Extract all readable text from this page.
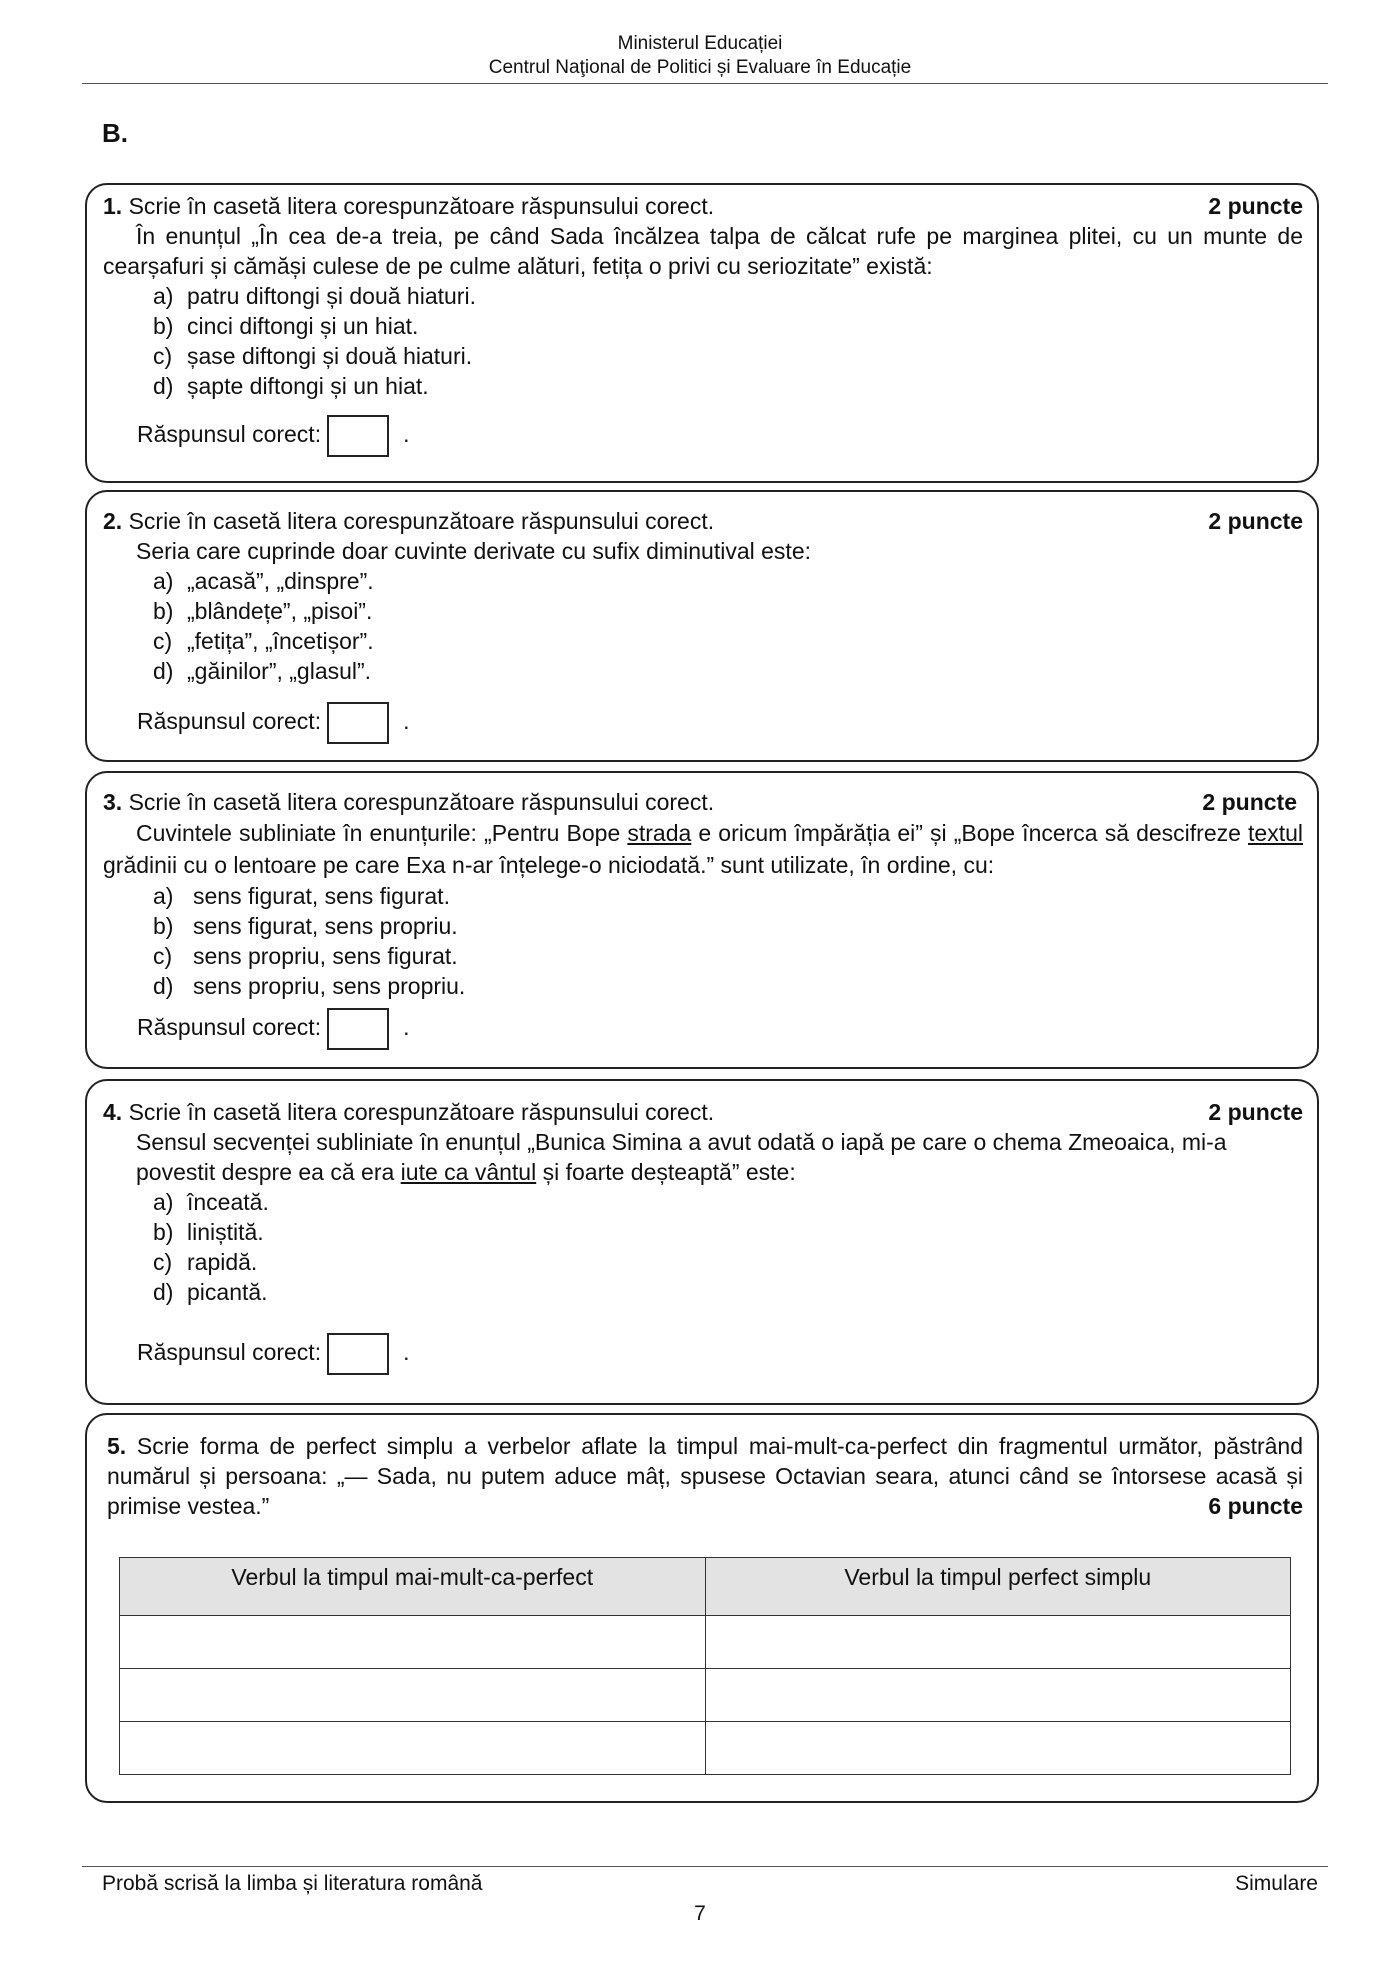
Ministerul Educației
Centrul Naţional de Politici și Evaluare în Educație
B.
1. Scrie în casetă litera corespunzătoare răspunsului corect.	2 puncte
În enunțul „În cea de-a treia, pe când Sada încălzea talpa de călcat rufe pe marginea plitei, cu un munte de cearșafuri și cămăși culese de pe culme alături, fetița o privi cu seriozitate” există:
a) patru diftongi și două hiaturi.
b) cinci diftongi și un hiat.
c) șase diftongi și două hiaturi.
d) șapte diftongi și un hiat.
Răspunsul corect:	.
2. Scrie în casetă litera corespunzătoare răspunsului corect.	2 puncte
Seria care cuprinde doar cuvinte derivate cu sufix diminutival este:
a) „acasă”, „dinspre”.
b) „blândețe”, „pisoi”.
c) „fetița”, „încetișor”.
d) „găinilor”, „glasul”.
Răspunsul corect:	.
3. Scrie în casetă litera corespunzătoare răspunsului corect.	2 puncte
Cuvintele subliniate în enunțurile: „Pentru Bope strada e oricum împărăția ei” și „Bope încerca să descifreze textul grădinii cu o lentoare pe care Exa n-ar înțelege-o niciodată.” sunt utilizate, în ordine, cu:
a) sens figurat, sens figurat.
b) sens figurat, sens propriu.
c) sens propriu, sens figurat.
d) sens propriu, sens propriu.
Răspunsul corect:	.
4. Scrie în casetă litera corespunzătoare răspunsului corect.	2 puncte
Sensul secvenței subliniate în enunțul „Bunica Simina a avut odată o iapă pe care o chema Zmeoaica, mi-a povestit despre ea că era iute ca vântul și foarte deșteaptă” este:
a) înceată.
b) liniștită.
c) rapidă.
d) picantă.
Răspunsul corect:	.
5. Scrie forma de perfect simplu a verbelor aflate la timpul mai-mult-ca-perfect din fragmentul următor, păstrând numărul și persoana: „— Sada, nu putem aduce mâț, spusese Octavian seara, atunci când se întorsese acasă și primise vestea.”	6 puncte
Verbul la timpul mai-mult-ca-perfect	Verbul la timpul perfect simplu

Probă scrisă la limba și literatura română	Simulare
7
